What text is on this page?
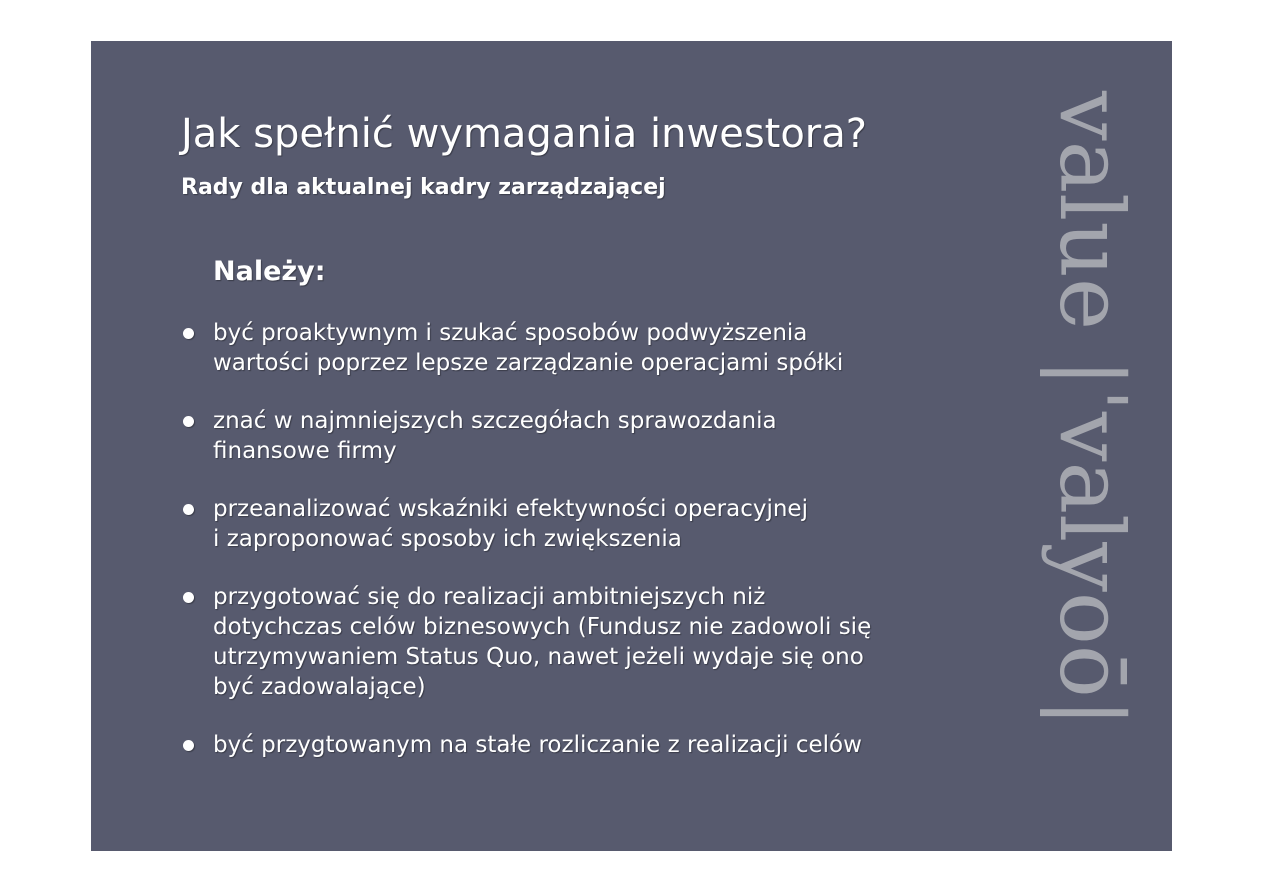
Jak spełnić wymagania inwestora?
Rady dla aktualnej kadry zarządzającej

Należy:

być proaktywnym i szukać sposobów podwyższenia
wartości poprzez lepsze zarządzanie operacjami spółki
znać w najmniejszych szczegółach sprawozdania
finansowe firmy
przeanalizować wskaźniki efektywności operacyjnej
i zaproponować sposoby ich zwiększenia
przygotować się do realizacji ambitniejszych niż
dotychczas celów biznesowych (Fundusz nie zadowoli się
utrzymywaniem Status Quo, nawet jeżeli wydaje się ono
być zadowalające)
być przygtowanym na stałe rozliczanie z realizacji celów
value |ˈvalyoō|
